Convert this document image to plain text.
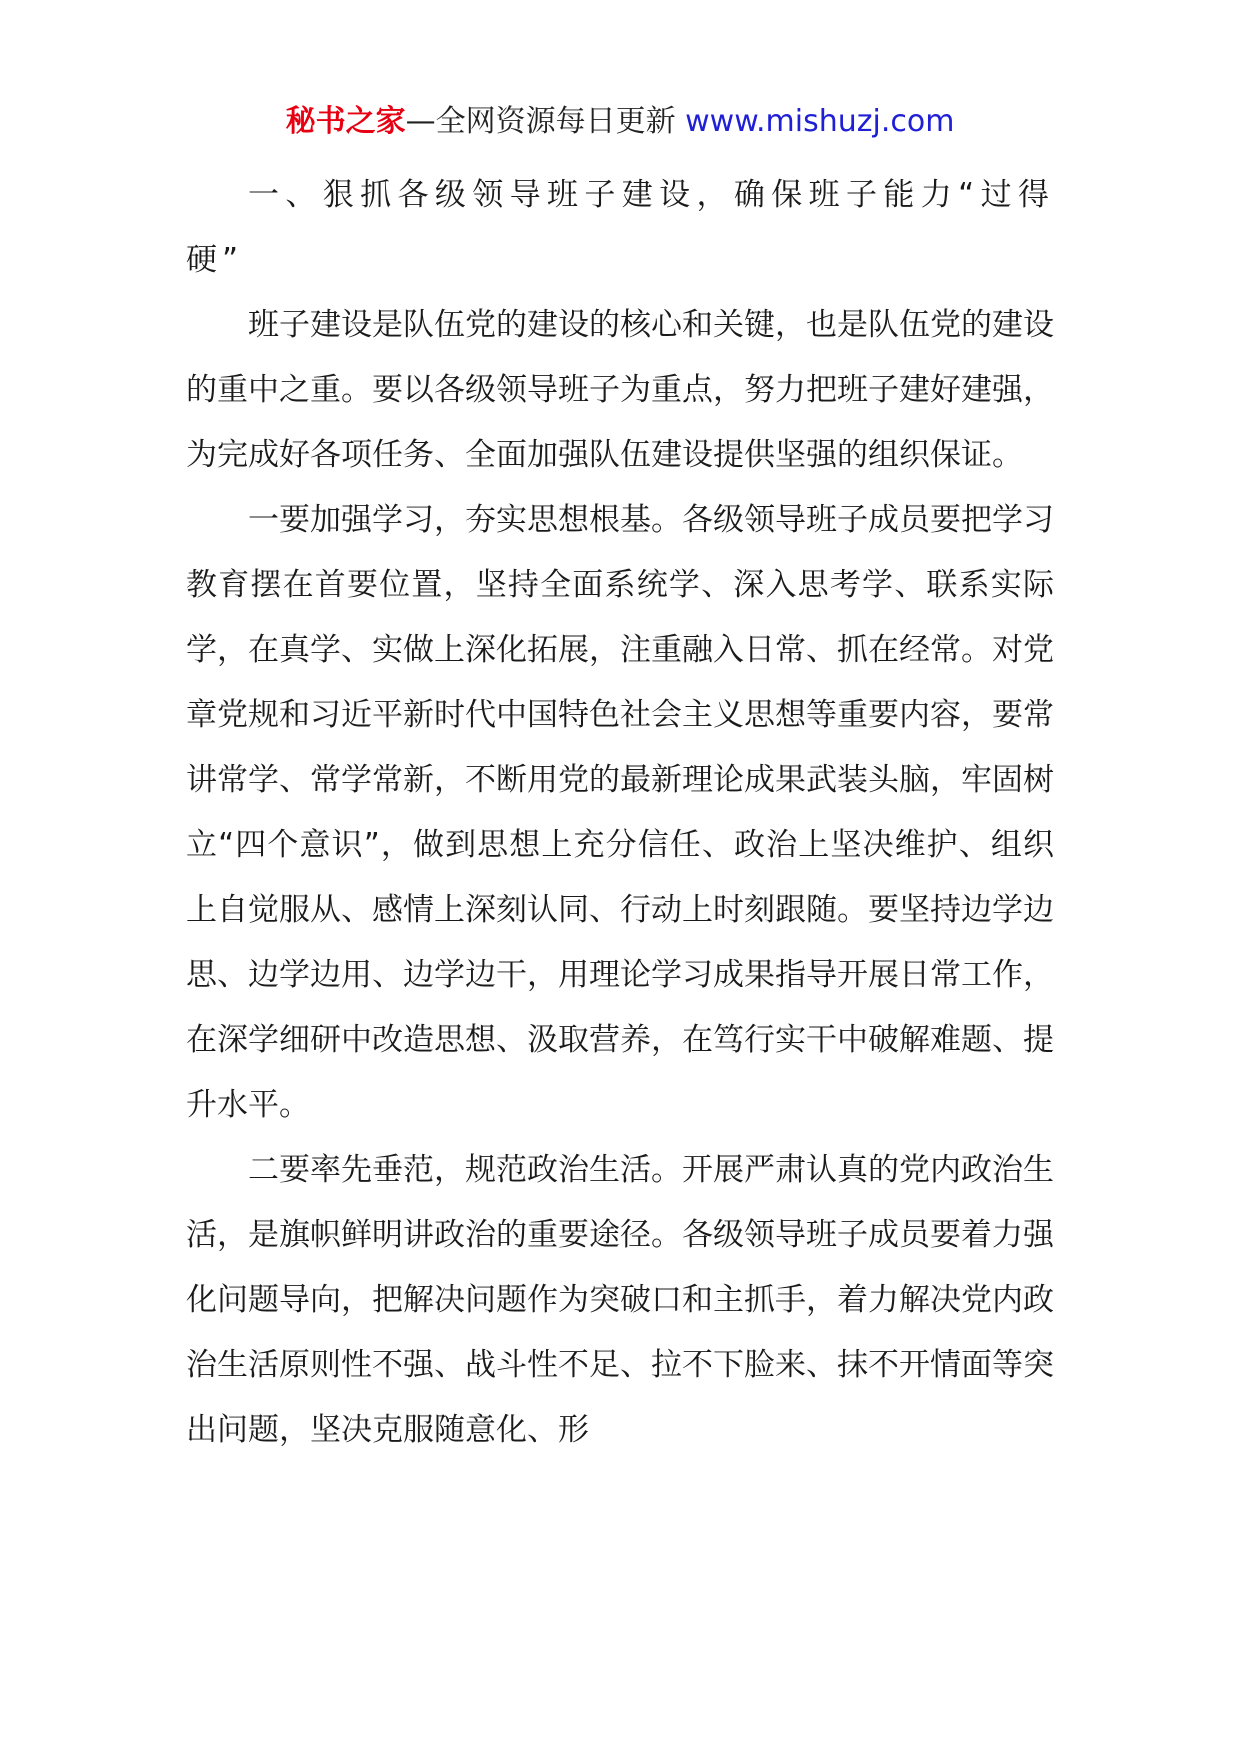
秘书之家—全网资源每日更新 www.mishuzj.com

一、狠抓各级领导班子建设，确保班子能力“过得硬”

班子建设是队伍党的建设的核心和关键，也是队伍党的建设的重中之重。要以各级领导班子为重点，努力把班子建好建强，为完成好各项任务、全面加强队伍建设提供坚强的组织保证。

一要加强学习，夯实思想根基。各级领导班子成员要把学习教育摆在首要位置，坚持全面系统学、深入思考学、联系实际学，在真学、实做上深化拓展，注重融入日常、抓在经常。对党章党规和习近平新时代中国特色社会主义思想等重要内容，要常讲常学、常学常新，不断用党的最新理论成果武装头脑，牢固树立“四个意识”，做到思想上充分信任、政治上坚决维护、组织上自觉服从、感情上深刻认同、行动上时刻跟随。要坚持边学边思、边学边用、边学边干，用理论学习成果指导开展日常工作，在深学细研中改造思想、汲取营养，在笃行实干中破解难题、提升水平。

二要率先垂范，规范政治生活。开展严肃认真的党内政治生活，是旗帜鲜明讲政治的重要途径。各级领导班子成员要着力强化问题导向，把解决问题作为突破口和主抓手，着力解决党内政治生活原则性不强、战斗性不足、拉不下脸来、抹不开情面等突出问题，坚决克服随意化、形
